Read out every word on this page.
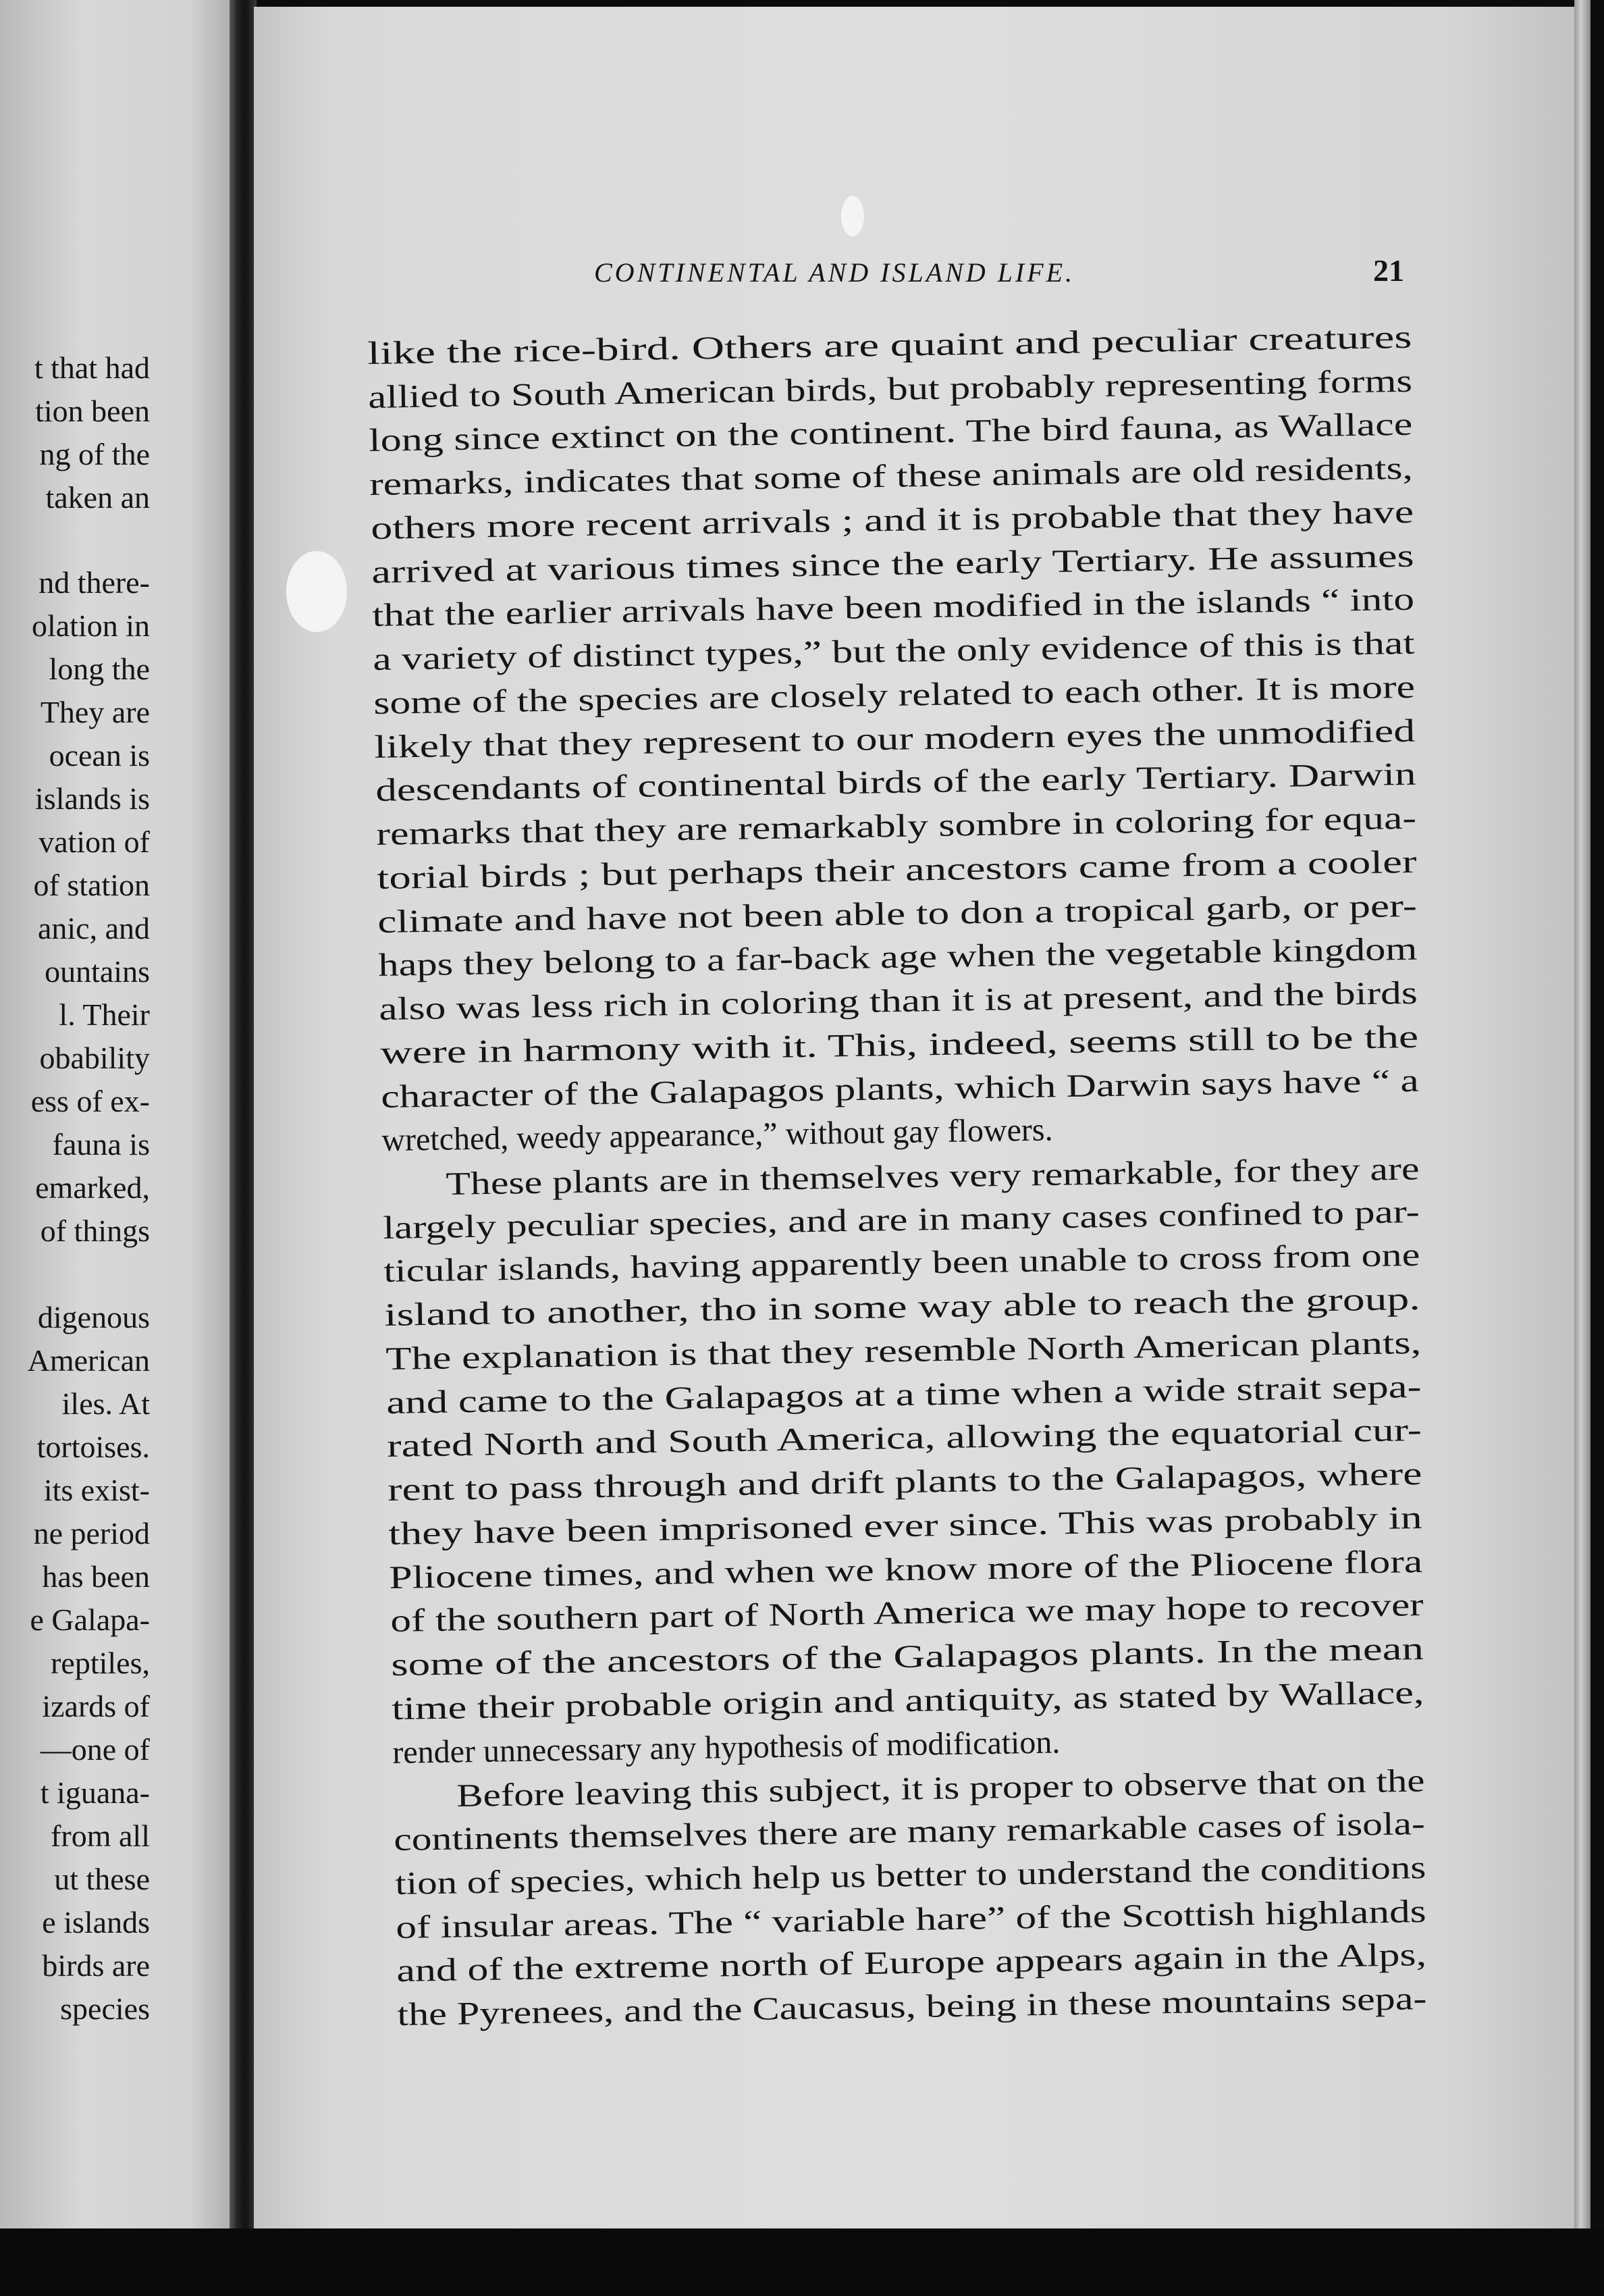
CONTINENTAL AND ISLAND LIFE.	21
t that had
tion been
ng of the
taken an
nd there-
olation in
long the
They are
ocean is
islands is
vation of
of station
anic, and
ountains
l. Their
obability
ess of ex-
fauna is
emarked,
of things
digenous
American
iles. At
tortoises.
its exist-
ne period
has been
e Galapa-
reptiles,
izards of
—one of
t iguana-
from all
ut these
e islands
birds are
species
like the rice-bird. Others are quaint and peculiar creatures
allied to South American birds, but probably representing forms
long since extinct on the continent. The bird fauna, as Wallace
remarks, indicates that some of these animals are old residents,
others more recent arrivals ; and it is probable that they have
arrived at various times since the early Tertiary. He assumes
that the earlier arrivals have been modified in the islands “ into
a variety of distinct types,” but the only evidence of this is that
some of the species are closely related to each other. It is more
likely that they represent to our modern eyes the unmodified
descendants of continental birds of the early Tertiary. Darwin
remarks that they are remarkably sombre in coloring for equa-
torial birds ; but perhaps their ancestors came from a cooler
climate and have not been able to don a tropical garb, or per-
haps they belong to a far-back age when the vegetable kingdom
also was less rich in coloring than it is at present, and the birds
were in harmony with it. This, indeed, seems still to be the
character of the Galapagos plants, which Darwin says have “ a
wretched, weedy appearance,” without gay flowers.
These plants are in themselves very remarkable, for they are
largely peculiar species, and are in many cases confined to par-
ticular islands, having apparently been unable to cross from one
island to another, tho in some way able to reach the group.
The explanation is that they resemble North American plants,
and came to the Galapagos at a time when a wide strait sepa-
rated North and South America, allowing the equatorial cur-
rent to pass through and drift plants to the Galapagos, where
they have been imprisoned ever since. This was probably in
Pliocene times, and when we know more of the Pliocene flora
of the southern part of North America we may hope to recover
some of the ancestors of the Galapagos plants. In the mean
time their probable origin and antiquity, as stated by Wallace,
render unnecessary any hypothesis of modification.
Before leaving this subject, it is proper to observe that on the
continents themselves there are many remarkable cases of isola-
tion of species, which help us better to understand the conditions
of insular areas. The “ variable hare” of the Scottish highlands
and of the extreme north of Europe appears again in the Alps,
the Pyrenees, and the Caucasus, being in these mountains sepa-
